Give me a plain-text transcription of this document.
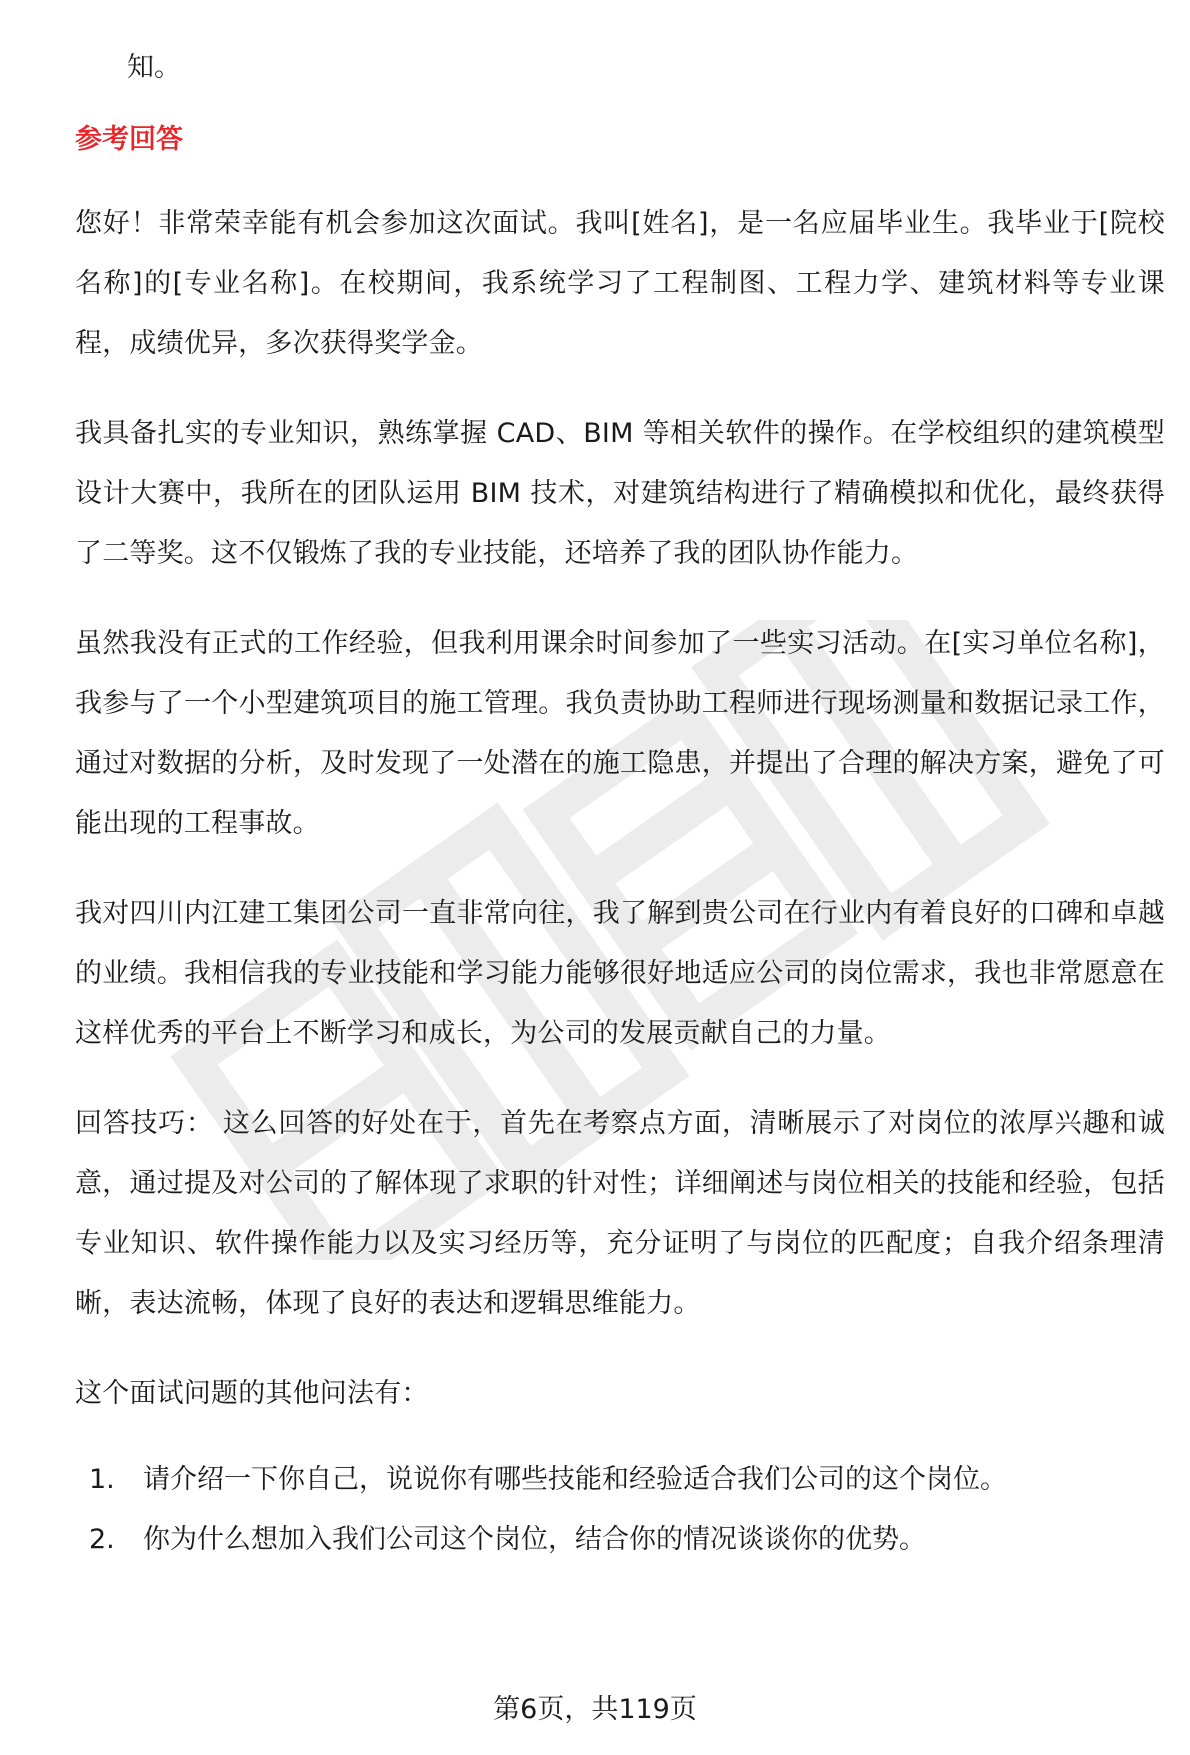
知。
参考回答

您好！非常荣幸能有机会参加这次面试。我叫[姓名]，是一名应届毕业生。我毕业于[院校名称]的[专业名称]。在校期间，我系统学习了工程制图、工程力学、建筑材料等专业课程，成绩优异，多次获得奖学金。

我具备扎实的专业知识，熟练掌握 CAD、BIM 等相关软件的操作。在学校组织的建筑模型设计大赛中，我所在的团队运用 BIM 技术，对建筑结构进行了精确模拟和优化，最终获得了二等奖。这不仅锻炼了我的专业技能，还培养了我的团队协作能力。

虽然我没有正式的工作经验，但我利用课余时间参加了一些实习活动。在[实习单位名称]，我参与了一个小型建筑项目的施工管理。我负责协助工程师进行现场测量和数据记录工作，通过对数据的分析，及时发现了一处潜在的施工隐患，并提出了合理的解决方案，避免了可能出现的工程事故。

我对四川内江建工集团公司一直非常向往，我了解到贵公司在行业内有着良好的口碑和卓越的业绩。我相信我的专业技能和学习能力能够很好地适应公司的岗位需求，我也非常愿意在这样优秀的平台上不断学习和成长，为公司的发展贡献自己的力量。

回答技巧： 这么回答的好处在于，首先在考察点方面，清晰展示了对岗位的浓厚兴趣和诚意，通过提及对公司的了解体现了求职的针对性；详细阐述与岗位相关的技能和经验，包括专业知识、软件操作能力以及实习经历等，充分证明了与岗位的匹配度；自我介绍条理清晰，表达流畅，体现了良好的表达和逻辑思维能力。

这个面试问题的其他问法有：

1.	请介绍一下你自己，说说你有哪些技能和经验适合我们公司的这个岗位。
2.	你为什么想加入我们公司这个岗位，结合你的情况谈谈你的优势。
第6页，共119页
